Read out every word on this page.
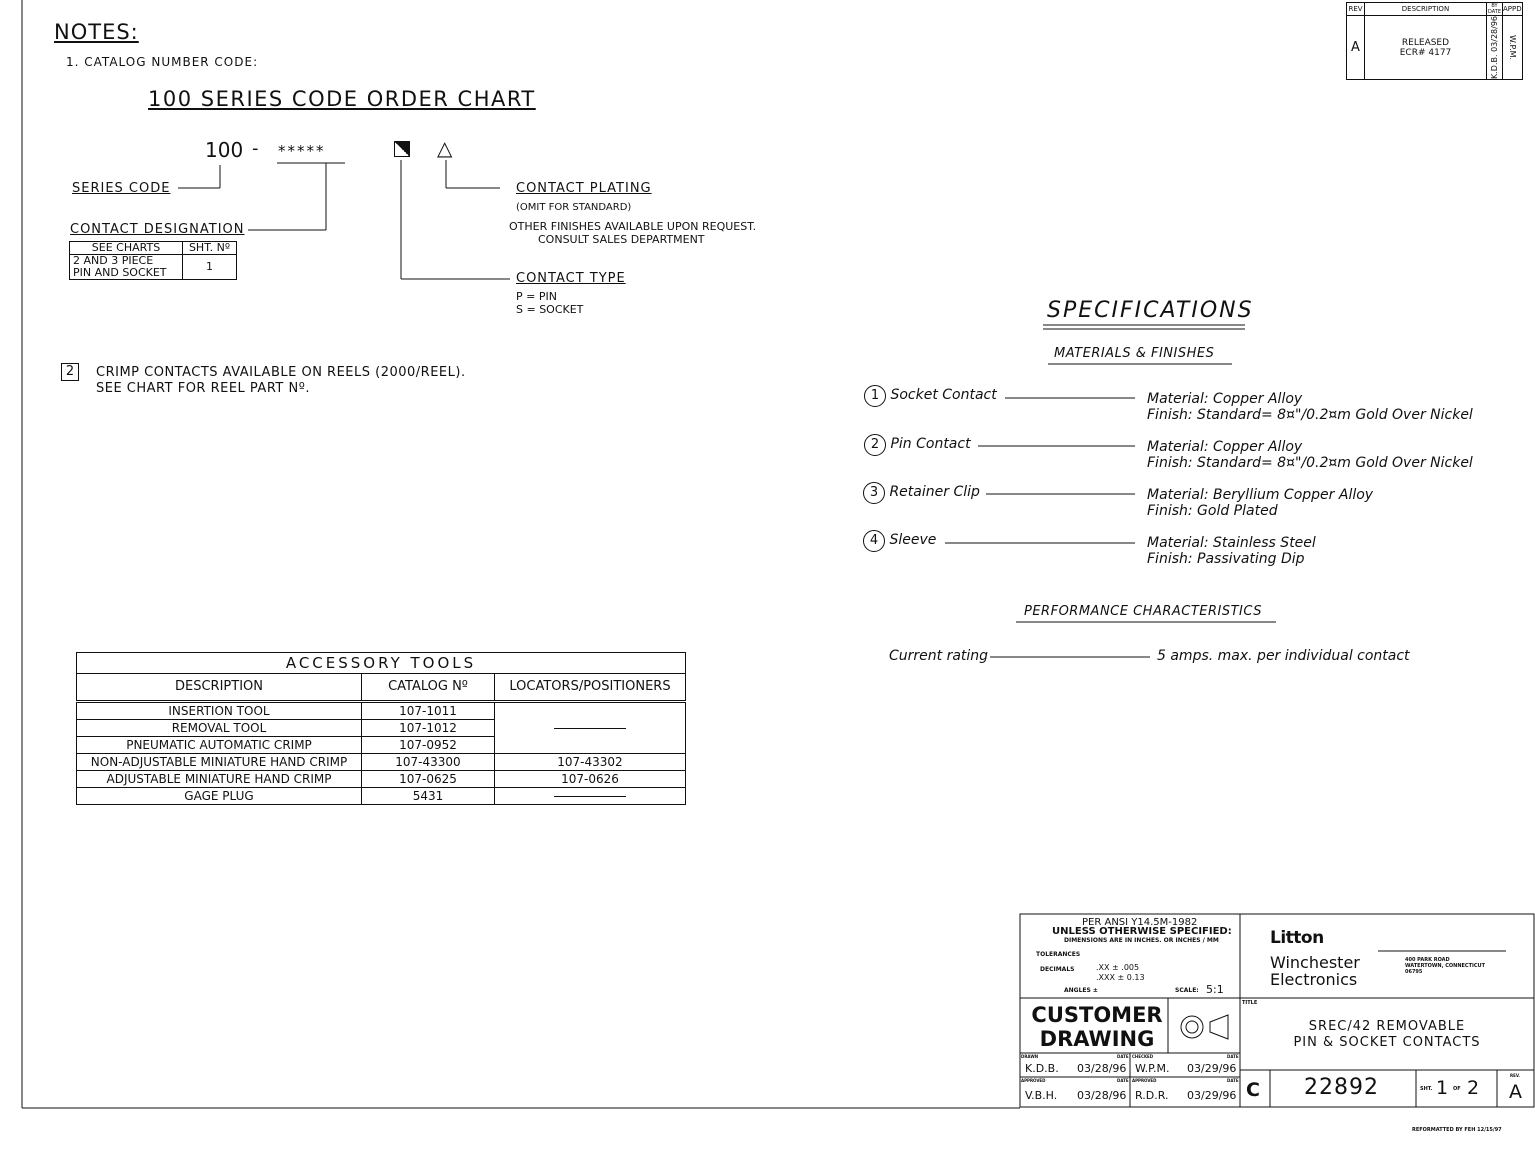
NOTES:
1. CATALOG NUMBER CODE:
100 SERIES CODE ORDER CHART
100 - *****	△
SERIES CODE
CONTACT DESIGNATION
SEE CHARTS	SHT. Nº

2 AND 3 PIECE
PIN AND SOCKET	1
CONTACT PLATING
(OMIT FOR STANDARD)
OTHER FINISHES AVAILABLE UPON REQUEST.
CONSULT SALES DEPARTMENT
CONTACT TYPE
P = PIN
S = SOCKET
2	CRIMP CONTACTS AVAILABLE ON REELS (2000/REEL).
SEE CHART FOR REEL PART Nº.
ACCESSORY TOOLS		
DESCRIPTION	CATALOG Nº	LOCATORS/POSITIONERS
INSERTION TOOL	107-1011	

REMOVAL TOOL	107-1012	
PNEUMATIC AUTOMATIC CRIMP	107-0952	
NON-ADJUSTABLE MINIATURE HAND CRIMP	107-43300	107-43302
ADJUSTABLE MINIATURE HAND CRIMP	107-0625	107-0626
GAGE PLUG	5431	
SPECIFICATIONS
MATERIALS & FINISHES
1 Socket Contact	Material: Copper Alloy
Finish: Standard= 8¤"/0.2¤m Gold Over Nickel
2 Pin Contact	Material: Copper Alloy
Finish: Standard= 8¤"/0.2¤m Gold Over Nickel
3 Retainer Clip	Material: Beryllium Copper Alloy
Finish: Gold Plated
4 Sleeve	Material: Stainless Steel
Finish: Passivating Dip
PERFORMANCE CHARACTERISTICS
Current rating	5 amps. max. per individual contact
REV	DESCRIPTION	BY DATE	APPD
A	RELEASED
ECR# 4177	K.D.B. 03/28/96	W.P.M.
PER ANSI Y14.5M-1982
UNLESS OTHERWISE SPECIFIED:
DIMENSIONS ARE IN INCHES. OR INCHES / MM
TOLERANCES
DECIMALS	.XX ± .005
.XXX ± 0.13
ANGLES ±	SCALE: 5:1
Litton
Winchester
Electronics
400 PARK ROAD
WATERTOWN, CONNECTICUT
06795
CUSTOMER
DRAWING
TITLE
SREC/42 REMOVABLE
PIN & SOCKET CONTACTS
DRAWN	DATE CHECKED	DATE
K.D.B. 03/28/96 W.P.M. 03/29/96
APPROVED	DATE APPROVED	DATE
V.B.H. 03/28/96 R.D.R. 03/29/96 C 22892	SHT. 1 OF 2
REV.
A
REFORMATTED BY FEH 12/15/97
